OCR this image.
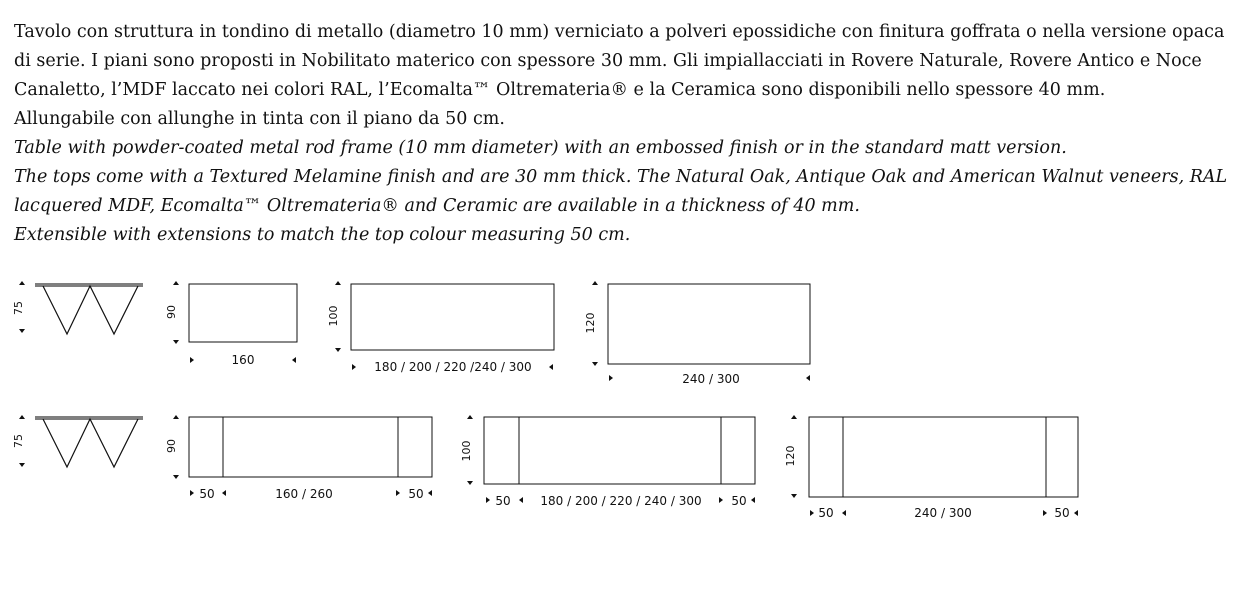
Tavolo con struttura in tondino di metallo (diametro 10 mm) verniciato a polveri epossidiche con finitura goffrata o nella versione opaca
di serie. I piani sono proposti in Nobilitato materico con spessore 30 mm. Gli impiallacciati in Rovere Naturale, Rovere Antico e Noce
Canaletto, l’MDF laccato nei colori RAL, l’Ecomalta™ Oltremateria® e la Ceramica sono disponibili nello spessore 40 mm.
Allungabile con allunghe in tinta con il piano da 50 cm.
Table with powder-coated metal rod frame (10 mm diameter) with an embossed finish or in the standard matt version.
The tops come with a Textured Melamine finish and are 30 mm thick. The Natural Oak, Antique Oak and American Walnut veneers, RAL
lacquered MDF, Ecomalta™ Oltremateria® and Ceramic are available in a thickness of 40 mm.
Extensible with extensions to match the top colour measuring 50 cm.
75	90
160
100
180 / 200 / 220 /240 / 300
120
240 / 300
75	90
50	160 / 260	50
100
50 180 / 200 / 220 / 240 / 300 50
120
50	240 / 300	50
